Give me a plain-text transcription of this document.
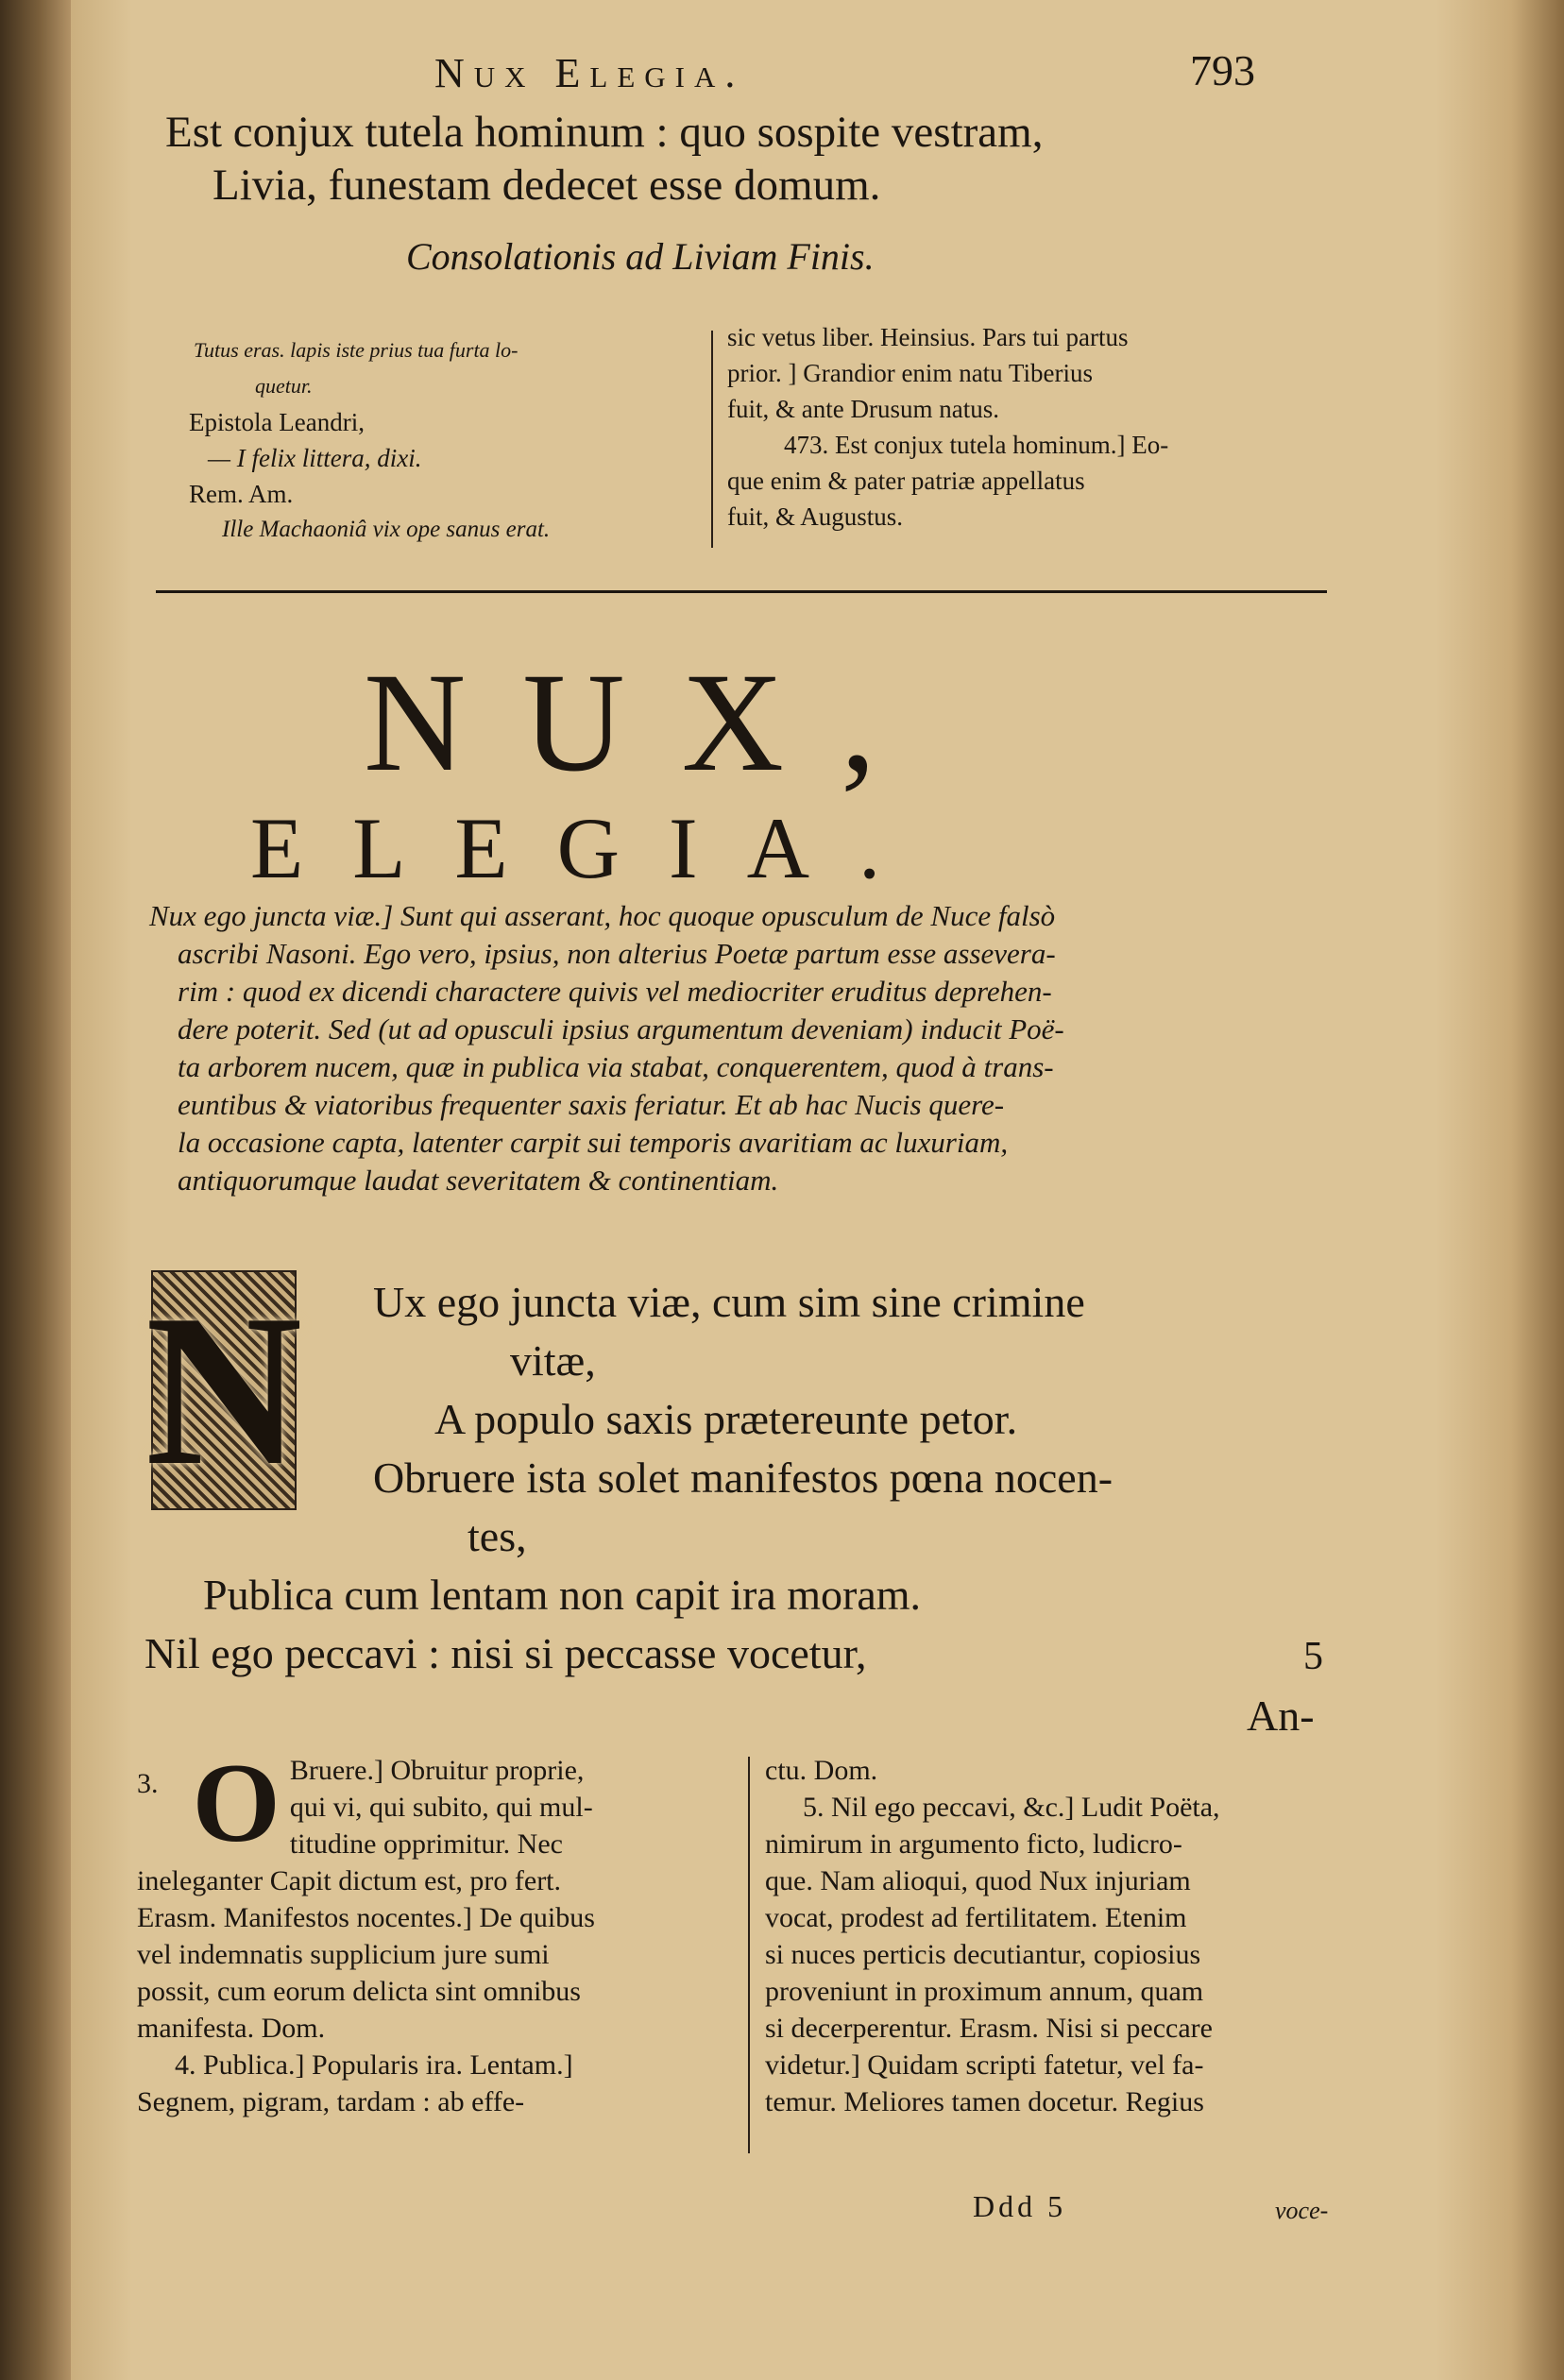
Nux Elegia.	793
Est conjux tutela hominum : quo sospite vestram,
Livia, funestam dedecet esse domum.
Consolationis ad Liviam Finis.
Tutus eras. lapis iste prius tua furta lo-
quetur.
Epistola Leandri,
— I felix littera, dixi.
Rem. Am.
Ille Machaoniâ vix ope sanus erat.
sic vetus liber. Heinsius. Pars tui partus
prior. ] Grandior enim natu Tiberius
fuit, & ante Drusum natus.
473. Est conjux tutela hominum.] Eo-
que enim & pater patriæ appellatus
fuit, & Augustus.
NUX,
ELEGIA.
Nux ego juncta viæ.] Sunt qui asserant, hoc quoque opusculum de Nuce falsò
ascribi Nasoni. Ego vero, ipsius, non alterius Poetæ partum esse assevera-
rim : quod ex dicendi charactere quivis vel mediocriter eruditus deprehen-
dere poterit. Sed (ut ad opusculi ipsius argumentum deveniam) inducit Poë-
ta arborem nucem, quæ in publica via stabat, conquerentem, quod à trans-
euntibus & viatoribus frequenter saxis feriatur. Et ab hac Nucis quere-
la occasione capta, latenter carpit sui temporis avaritiam ac luxuriam,
antiquorumque laudat severitatem & continentiam.
N Ux ego juncta viæ, cum sim sine crimine
vitæ,
A populo saxis prætereunte petor.
Obruere ista solet manifestos pœna nocen-
tes,
Publica cum lentam non capit ira moram.
Nil ego peccavi : nisi si peccasse vocetur,	5
An-
3. O Bruere.] Obruitur proprie,
qui vi, qui subito, qui mul-
titudine opprimitur. Nec
ineleganter Capit dictum est, pro fert.
Erasm. Manifestos nocentes.] De quibus
vel indemnatis supplicium jure sumi
possit, cum eorum delicta sint omnibus
manifesta. Dom.
4. Publica.] Popularis ira. Lentam.]
Segnem, pigram, tardam : ab effe-
ctu. Dom.
5. Nil ego peccavi, &c.] Ludit Poëta,
nimirum in argumento ficto, ludicro-
que. Nam alioqui, quod Nux injuriam
vocat, prodest ad fertilitatem. Etenim
si nuces perticis decutiantur, copiosius
proveniunt in proximum annum, quam
si decerperentur. Erasm. Nisi si peccare
videtur.] Quidam scripti fatetur, vel fa-
temur. Meliores tamen docetur. Regius
Ddd 5	voce-
